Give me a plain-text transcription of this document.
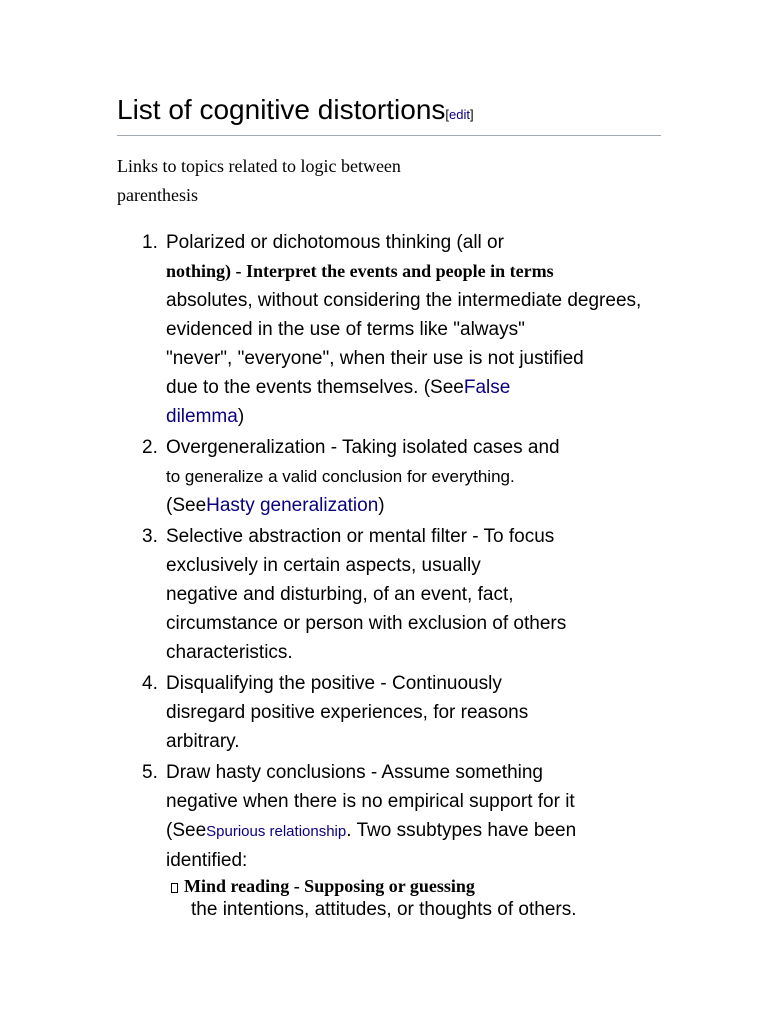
List of cognitive distortions[edit]

Links to topics related to logic between
parenthesis

1. Polarized or dichotomous thinking (all or
nothing) - Interpret the events and people in terms
absolutes, without considering the intermediate degrees,
evidenced in the use of terms like "always"
"never", "everyone", when their use is not justified
due to the events themselves. (SeeFalse
dilemma)
2. Overgeneralization - Taking isolated cases and
to generalize a valid conclusion for everything.
(SeeHasty generalization)
3. Selective abstraction or mental filter - To focus
exclusively in certain aspects, usually
negative and disturbing, of an event, fact,
circumstance or person with exclusion of others
characteristics.
4. Disqualifying the positive - Continuously
disregard positive experiences, for reasons
arbitrary.
5. Draw hasty conclusions - Assume something
negative when there is no empirical support for it
(SeeSpurious relationship. Two ssubtypes have been
identified:
Mind reading - Supposing or guessing
the intentions, attitudes, or thoughts of others.
